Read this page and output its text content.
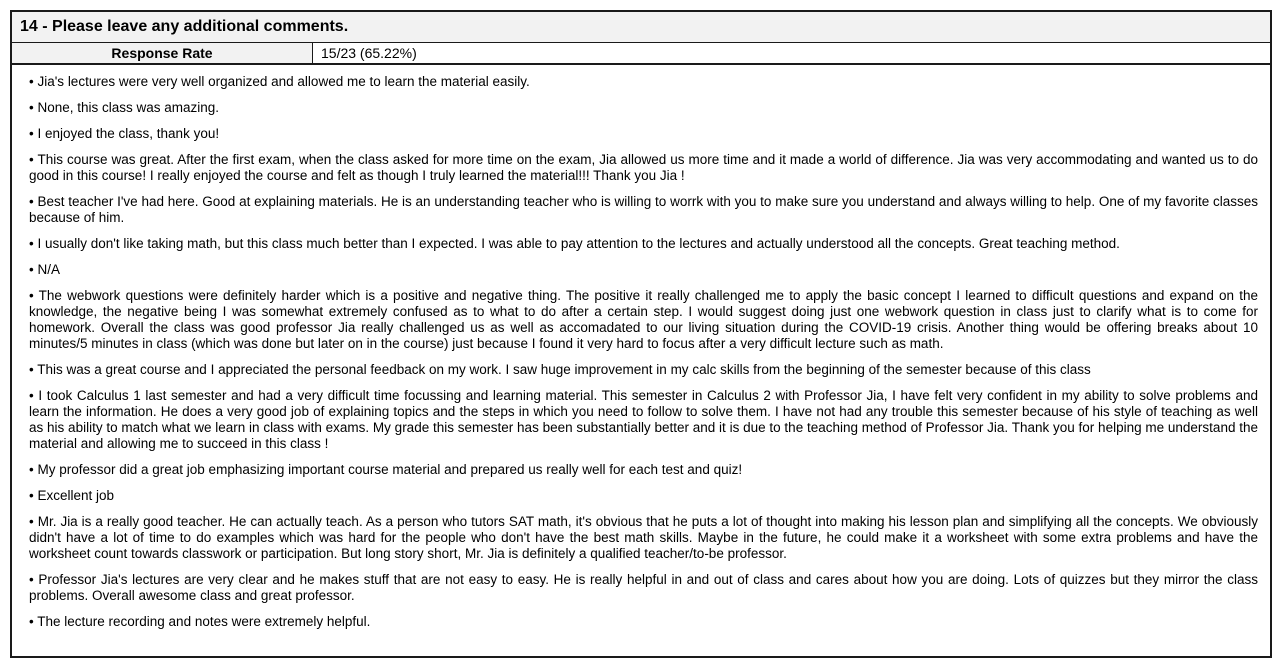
14 - Please leave any additional comments.
Response Rate	15/23 (65.22%)

• Jia's lectures were very well organized and allowed me to learn the material easily.

• None, this class was amazing.

• I enjoyed the class, thank you!

• This course was great. After the first exam, when the class asked for more time on the exam, Jia allowed us more time and it made a world of difference. Jia was very accommodating and wanted us to do good in this course! I really enjoyed the course and felt as though I truly learned the material!!! Thank you Jia !

• Best teacher I've had here. Good at explaining materials. He is an understanding teacher who is willing to worrk with you to make sure you understand and always willing to help. One of my favorite classes because of him.

• I usually don't like taking math, but this class much better than I expected. I was able to pay attention to the lectures and actually understood all the concepts. Great teaching method.

• N/A

• The webwork questions were definitely harder which is a positive and negative thing. The positive it really challenged me to apply the basic concept I learned to difficult questions and expand on the knowledge, the negative being I was somewhat extremely confused as to what to do after a certain step. I would suggest doing just one webwork question in class just to clarify what is to come for homework. Overall the class was good professor Jia really challenged us as well as accomadated to our living situation during the COVID-19 crisis. Another thing would be offering breaks about 10 minutes/5 minutes in class (which was done but later on in the course) just because I found it very hard to focus after a very difficult lecture such as math.

• This was a great course and I appreciated the personal feedback on my work. I saw huge improvement in my calc skills from the beginning of the semester because of this class

• I took Calculus 1 last semester and had a very difficult time focussing and learning material. This semester in Calculus 2 with Professor Jia, I have felt very confident in my ability to solve problems and learn the information. He does a very good job of explaining topics and the steps in which you need to follow to solve them. I have not had any trouble this semester because of his style of teaching as well as his ability to match what we learn in class with exams. My grade this semester has been substantially better and it is due to the teaching method of Professor Jia. Thank you for helping me understand the material and allowing me to succeed in this class !

• My professor did a great job emphasizing important course material and prepared us really well for each test and quiz!

• Excellent job

• Mr. Jia is a really good teacher. He can actually teach. As a person who tutors SAT math, it's obvious that he puts a lot of thought into making his lesson plan and simplifying all the concepts. We obviously didn't have a lot of time to do examples which was hard for the people who don't have the best math skills. Maybe in the future, he could make it a worksheet with some extra problems and have the worksheet count towards classwork or participation. But long story short, Mr. Jia is definitely a qualified teacher/to-be professor.

• Professor Jia's lectures are very clear and he makes stuff that are not easy to easy. He is really helpful in and out of class and cares about how you are doing. Lots of quizzes but they mirror the class problems. Overall awesome class and great professor.

• The lecture recording and notes were extremely helpful.
